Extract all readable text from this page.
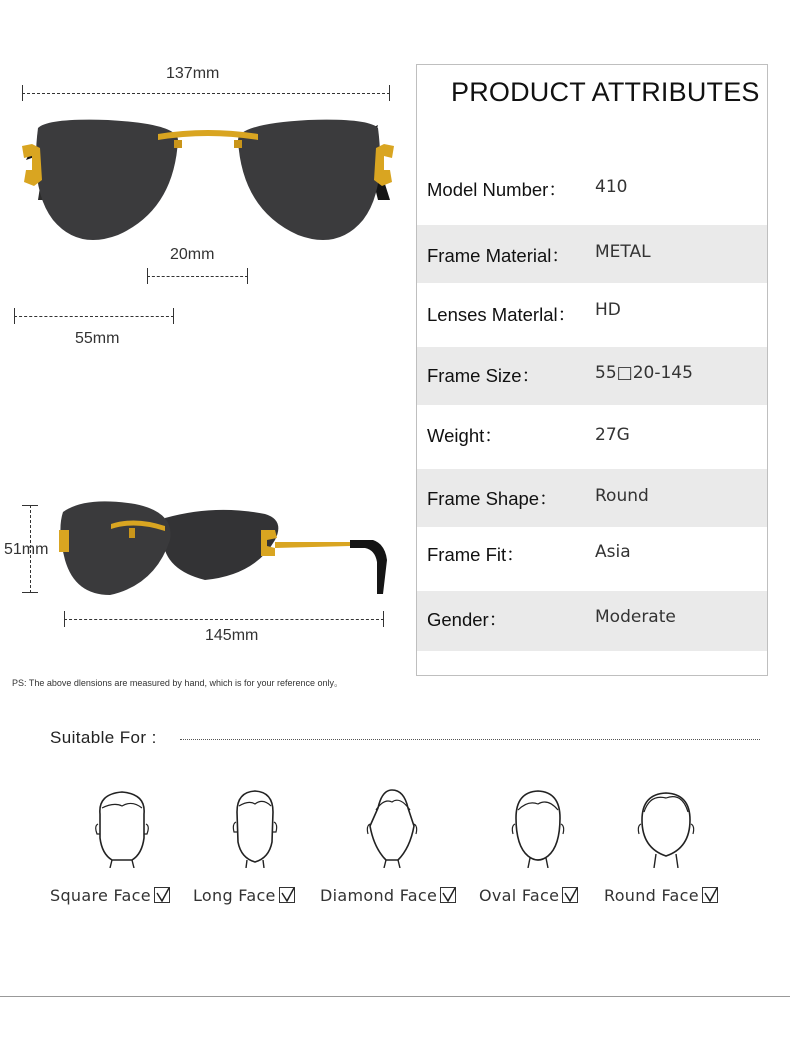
137mm
20mm
55mm
51mm
145mm
PRODUCT ATTRIBUTES
Model Number： 410
Frame Material： METAL
Lenses Materlal： HD
Frame Size：	55□20-145
Weight：	27G
Frame Shape： Round
Frame Fit：	Asia
Gender：	Moderate
PS: The above dlensions are measured by hand, which is for your reference only。
Suitable For :
Square Face	Long Face	Diamond Face	Oval Face	Round Face
